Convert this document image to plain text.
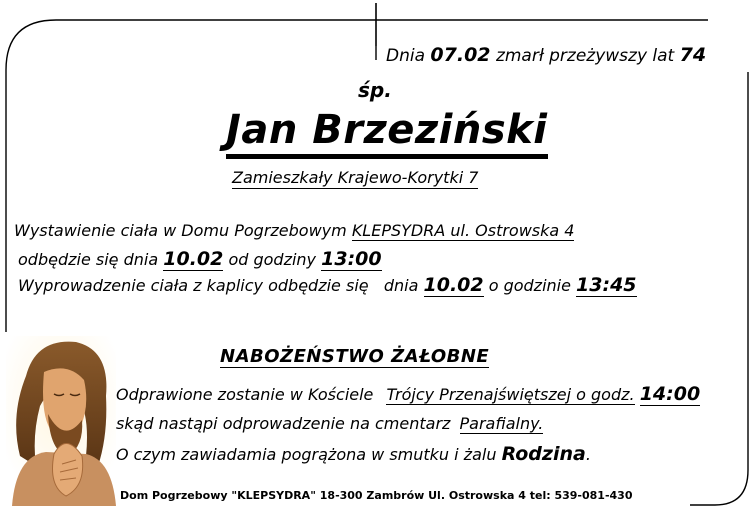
Dnia 07.02 zmarł przeżywszy lat 74
śp.
Jan Brzeziński
Zamieszkały Krajewo-Korytki 7
Wystawienie ciała w Domu Pogrzebowym KLEPSYDRA ul. Ostrowska 4
odbędzie się dnia 10.02 od godziny 13:00
Wyprowadzenie ciała z kaplicy odbędzie się   dnia 10.02 o godzinie 13:45
NABOŻEŃSTWO ŻAŁOBNE
Odprawione zostanie w Kościele Trójcy Przenajświętszej o godz. 14:00
skąd nastąpi odprowadzenie na cmentarz Parafialny.
O czym zawiadamia pogrążona w smutku i żalu Rodzina.
Dom Pogrzebowy "KLEPSYDRA" 18-300 Zambrów Ul. Ostrowska 4 tel: 539-081-430
